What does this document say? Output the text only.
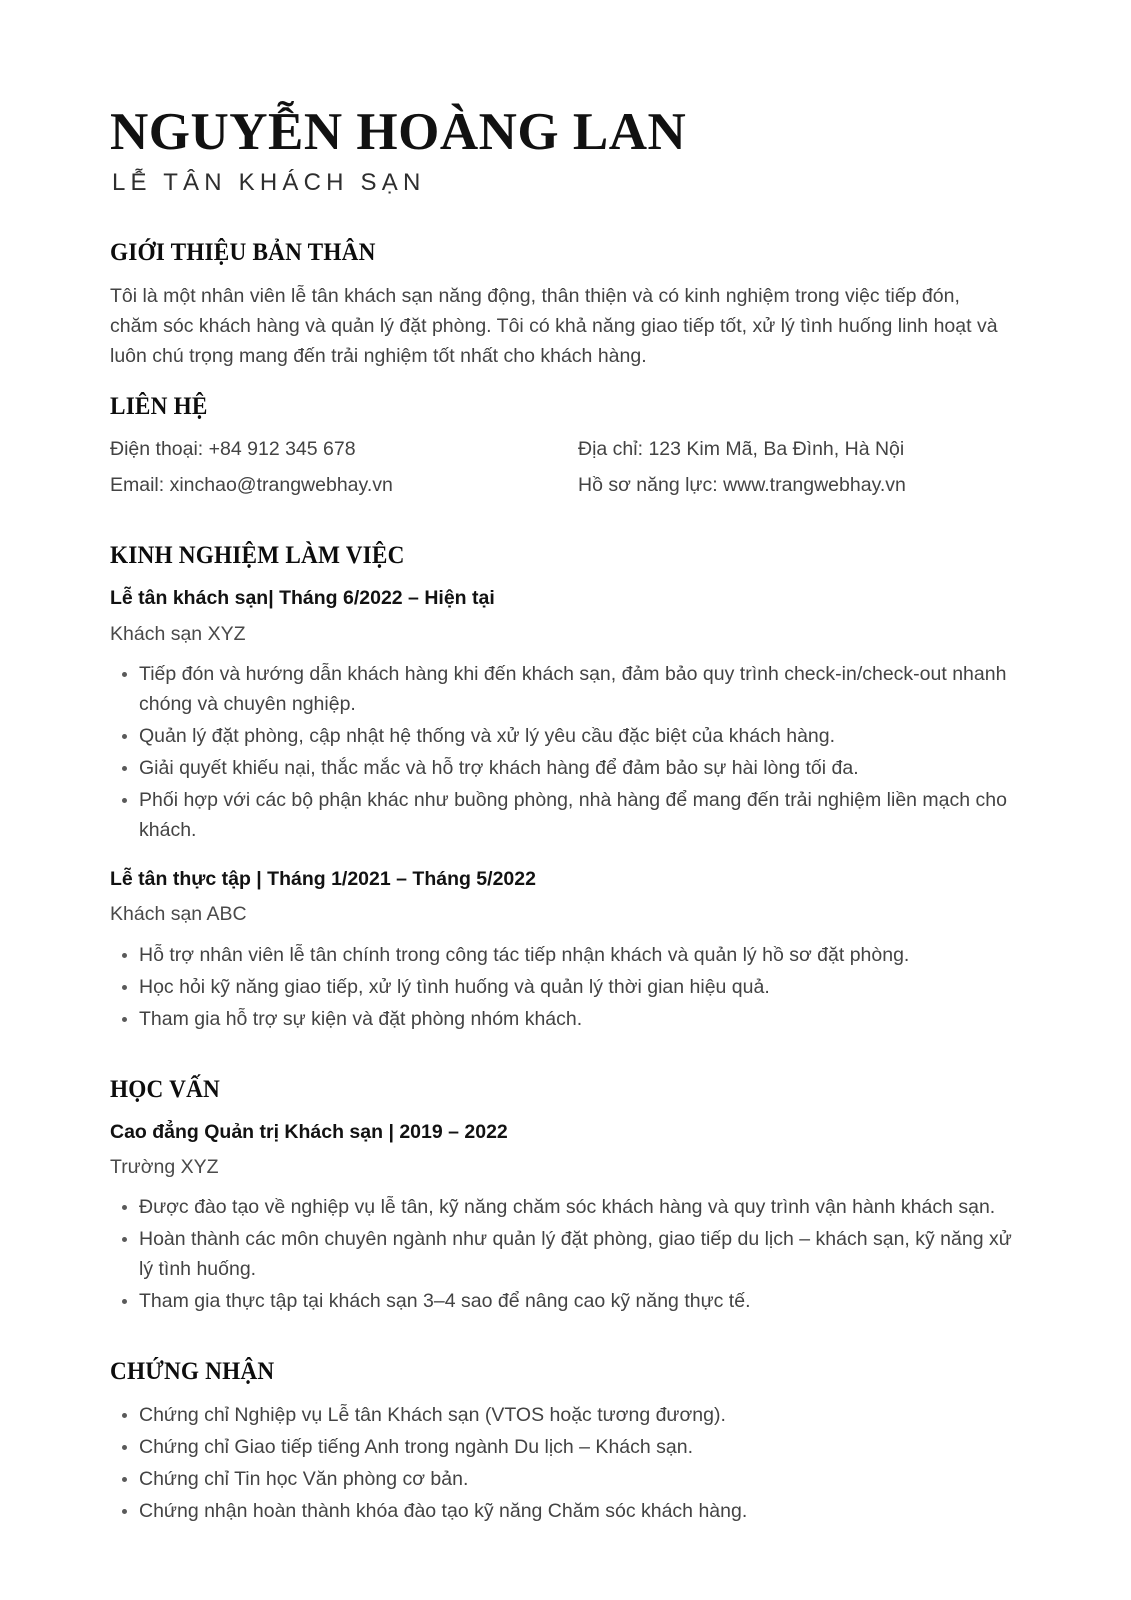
NGUYỄN HOÀNG LAN
LỄ TÂN KHÁCH SẠN
GIỚI THIỆU BẢN THÂN

Tôi là một nhân viên lễ tân khách sạn năng động, thân thiện và có kinh nghiệm trong việc tiếp đón, chăm sóc khách hàng và quản lý đặt phòng. Tôi có khả năng giao tiếp tốt, xử lý tình huống linh hoạt và luôn chú trọng mang đến trải nghiệm tốt nhất cho khách hàng.

LIÊN HỆ
Điện thoại: +84 912 345 678	Địa chỉ: 123 Kim Mã, Ba Đình, Hà Nội
Email: xinchao@trangwebhay.vn	Hồ sơ năng lực: www.trangwebhay.vn
KINH NGHIỆM LÀM VIỆC
Lễ tân khách sạn| Tháng 6/2022 – Hiện tại
Khách sạn XYZ
Tiếp đón và hướng dẫn khách hàng khi đến khách sạn, đảm bảo quy trình check-in/check-out nhanh chóng và chuyên nghiệp.
Quản lý đặt phòng, cập nhật hệ thống và xử lý yêu cầu đặc biệt của khách hàng.
Giải quyết khiếu nại, thắc mắc và hỗ trợ khách hàng để đảm bảo sự hài lòng tối đa.
Phối hợp với các bộ phận khác như buồng phòng, nhà hàng để mang đến trải nghiệm liền mạch cho khách.
Lễ tân thực tập | Tháng 1/2021 – Tháng 5/2022
Khách sạn ABC
Hỗ trợ nhân viên lễ tân chính trong công tác tiếp nhận khách và quản lý hồ sơ đặt phòng.
Học hỏi kỹ năng giao tiếp, xử lý tình huống và quản lý thời gian hiệu quả.
Tham gia hỗ trợ sự kiện và đặt phòng nhóm khách.
HỌC VẤN
Cao đẳng Quản trị Khách sạn | 2019 – 2022
Trường XYZ
Được đào tạo về nghiệp vụ lễ tân, kỹ năng chăm sóc khách hàng và quy trình vận hành khách sạn.
Hoàn thành các môn chuyên ngành như quản lý đặt phòng, giao tiếp du lịch – khách sạn, kỹ năng xử lý tình huống.
Tham gia thực tập tại khách sạn 3–4 sao để nâng cao kỹ năng thực tế.
CHỨNG NHẬN
Chứng chỉ Nghiệp vụ Lễ tân Khách sạn (VTOS hoặc tương đương).
Chứng chỉ Giao tiếp tiếng Anh trong ngành Du lịch – Khách sạn.
Chứng chỉ Tin học Văn phòng cơ bản.
Chứng nhận hoàn thành khóa đào tạo kỹ năng Chăm sóc khách hàng.
